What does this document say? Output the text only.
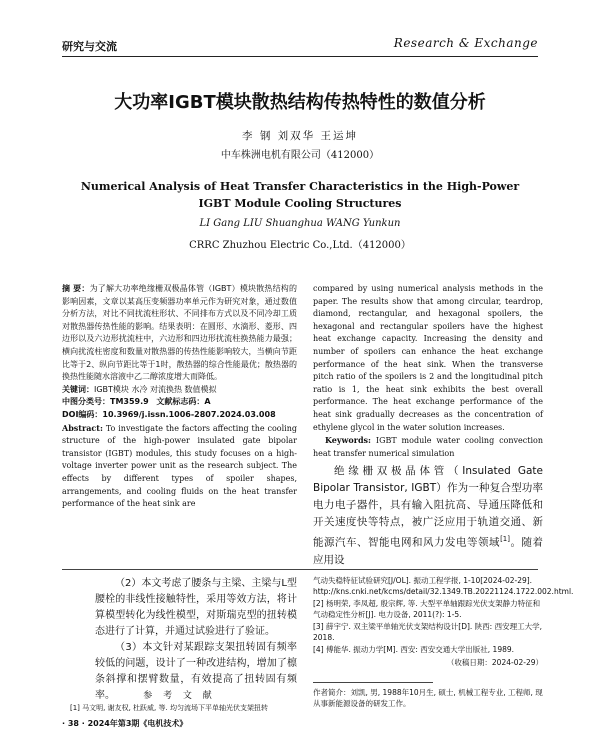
研究与交流	Research & Exchange
大功率IGBT模块散热结构传热特性的数值分析
李 钢 刘双华 王运坤
中车株洲电机有限公司（412000）
Numerical Analysis of Heat Transfer Characteristics in the High-Power
IGBT Module Cooling Structures
LI Gang LIU Shuanghua WANG Yunkun
CRRC Zhuzhou Electric Co.,Ltd.（412000）
摘 要：为了解大功率绝缘栅双极晶体管（IGBT）模块散热结构的影响因素，文章以某高压变频器功率单元作为研究对象，通过数值分析方法，对比不同扰流柱形状、不同排布方式以及不同冷却工质对散热器传热性能的影响。结果表明：在圆形、水滴形、菱形、四边形以及六边形扰流柱中，六边形和四边形扰流柱换热能力最强；横向扰流柱密度和数量对散热器的传热性能影响较大，当横向节距比等于2、纵向节距比等于1时，散热器的综合性能最优；散热器的换热性能随水溶液中乙二醇浓度增大而降低。
关键词：IGBT模块 水冷 对流换热 数值模拟
中图分类号：TM359.9 文献标志码：A
DOI编码：10.3969/j.issn.1006-2807.2024.03.008
Abstract: To investigate the factors affecting the cooling structure of the high-power insulated gate bipolar transistor (IGBT) modules, this study focuses on a high-voltage inverter power unit as the research subject. The effects by different types of spoiler shapes, arrangements, and cooling fluids on the heat transfer performance of the heat sink are
compared by using numerical analysis methods in the paper. The results show that among circular, teardrop, diamond, rectangular, and hexagonal spoilers, the hexagonal and rectangular spoilers have the highest heat exchange capacity. Increasing the density and number of spoilers can enhance the heat exchange performance of the heat sink. When the transverse pitch ratio of the spoilers is 2 and the longitudinal pitch ratio is 1, the heat sink exhibits the best overall performance. The heat exchange performance of the heat sink gradually decreases as the concentration of ethylene glycol in the water solution increases.
Keywords: IGBT module water cooling convection heat transfer numerical simulation
绝缘栅双极晶体管（Insulated Gate Bipolar Transistor, IGBT）作为一种复合型功率电力电子器件，具有输入阻抗高、导通压降低和开关速度快等特点，被广泛应用于轨道交通、新能源汽车、智能电网和风力发电等领域[1]。随着应用设
（2）本文考虑了腰条与主梁、主梁与L型腰栓的非线性接触特性，采用等效方法，将计算模型转化为线性模型，对斯瑞克型的扭转模态进行了计算，并通过试验进行了验证。
（3）本文针对某跟踪支架扭转固有频率较低的问题，设计了一种改进结构，增加了檩条斜撑和摆臂数量，有效提高了扭转固有频率。	参 考 文 献
[1] 马文明, 谢友权, 杜跃威, 等. 均匀流场下平单轴光伏支架扭转

气动失稳特征试验研究[J/OL]. 振动工程学报, 1-10[2024-02-29]. http://kns.cnki.net/kcms/detail/32.1349.TB.20221124.1722.002.html.

[2] 杨明荣, 李凤超, 殷宗辉, 等. 大型平单轴跟踪光伏支架静力特征和气动稳定性分析[J]. 电力设备, 2011(?): 1-5.

[3] 薛宇宁. 双主梁平单轴光伏支架结构设计[D]. 陕西: 西安理工大学, 2018.

[4] 傅能华. 振动力学[M]. 西安: 西安交通大学出版社, 1989.

（收稿日期：2024-02-29）

作者简介：刘凯, 男, 1988年10月生, 硕士, 机械工程专业, 工程师, 现从事新能源设备的研发工作。
· 38 · 2024年第3期《电机技术》
